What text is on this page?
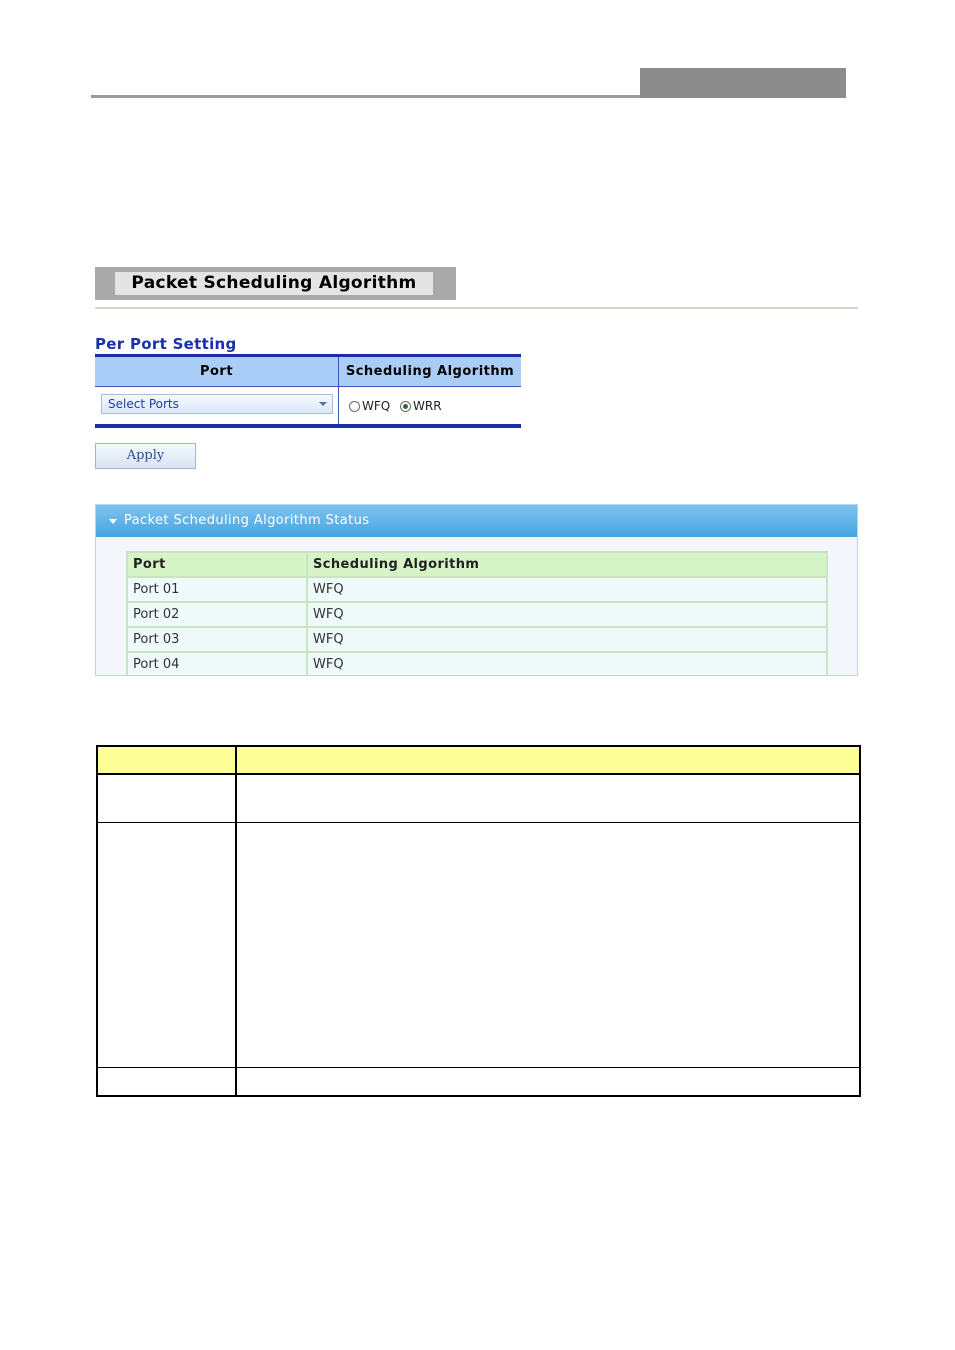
Packet Scheduling Algorithm
Per Port Setting
Port	Scheduling Algorithm
Select Ports	WFQ WRR
Apply
Packet Scheduling Algorithm Status
Port	Scheduling Algorithm
Port 01	WFQ
Port 02	WFQ
Port 03	WFQ
Port 04	WFQ
